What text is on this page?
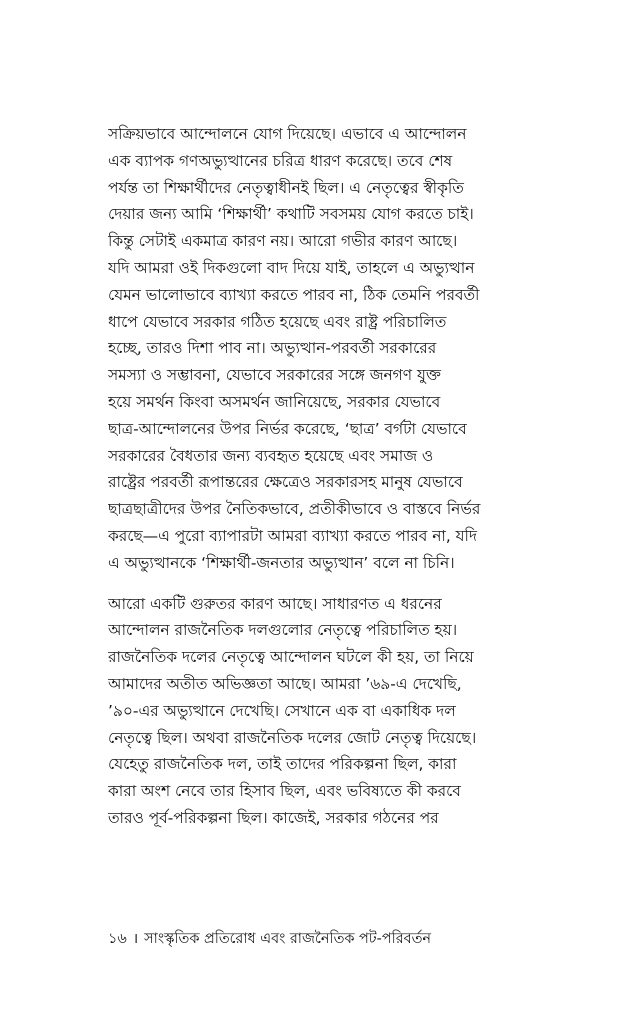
সক্রিয়ভাবে আন্দোলনে যোগ দিয়েছে। এভাবে এ আন্দোলন
এক ব্যাপক গণঅভ্যুত্থানের চরিত্র ধারণ করেছে। তবে শেষ
পর্যন্ত তা শিক্ষার্থীদের নেতৃত্বাধীনই ছিল। এ নেতৃত্বের স্বীকৃতি
দেয়ার জন্য আমি ‘শিক্ষার্থী’ কথাটি সবসময় যোগ করতে চাই।
কিন্তু সেটাই একমাত্র কারণ নয়। আরো গভীর কারণ আছে।
যদি আমরা ওই দিকগুলো বাদ দিয়ে যাই, তাহলে এ অভ্যুত্থান
যেমন ভালোভাবে ব্যাখ্যা করতে পারব না, ঠিক তেমনি পরবর্তী
ধাপে যেভাবে সরকার গঠিত হয়েছে এবং রাষ্ট্র পরিচালিত
হচ্ছে, তারও দিশা পাব না। অভ্যুত্থান-পরবর্তী সরকারের
সমস্যা ও সম্ভাবনা, যেভাবে সরকারের সঙ্গে জনগণ যুক্ত
হয়ে সমর্থন কিংবা অসমর্থন জানিয়েছে, সরকার যেভাবে
ছাত্র-আন্দোলনের উপর নির্ভর করেছে, ‘ছাত্র’ বর্গটা যেভাবে
সরকারের বৈধতার জন্য ব্যবহৃত হয়েছে এবং সমাজ ও
রাষ্ট্রের পরবর্তী রূপান্তরের ক্ষেত্রেও সরকারসহ মানুষ যেভাবে
ছাত্রছাত্রীদের উপর নৈতিকভাবে, প্রতীকীভাবে ও বাস্তবে নির্ভর
করছে—এ পুরো ব্যাপারটা আমরা ব্যাখ্যা করতে পারব না, যদি
এ অভ্যুত্থানকে ‘শিক্ষার্থী-জনতার অভ্যুত্থান’ বলে না চিনি।
আরো একটি গুরুতর কারণ আছে। সাধারণত এ ধরনের
আন্দোলন রাজনৈতিক দলগুলোর নেতৃত্বে পরিচালিত হয়।
রাজনৈতিক দলের নেতৃত্বে আন্দোলন ঘটলে কী হয়, তা নিয়ে
আমাদের অতীত অভিজ্ঞতা আছে। আমরা ’৬৯-এ দেখেছি,
’৯০-এর অভ্যুত্থানে দেখেছি। সেখানে এক বা একাধিক দল
নেতৃত্বে ছিল। অথবা রাজনৈতিক দলের জোট নেতৃত্ব দিয়েছে।
যেহেতু রাজনৈতিক দল, তাই তাদের পরিকল্পনা ছিল, কারা
কারা অংশ নেবে তার হিসাব ছিল, এবং ভবিষ্যতে কী করবে
তারও পূর্ব-পরিকল্পনা ছিল। কাজেই, সরকার গঠনের পর
১৬ । সাংস্কৃতিক প্রতিরোধ এবং রাজনৈতিক পট-পরিবর্তন
